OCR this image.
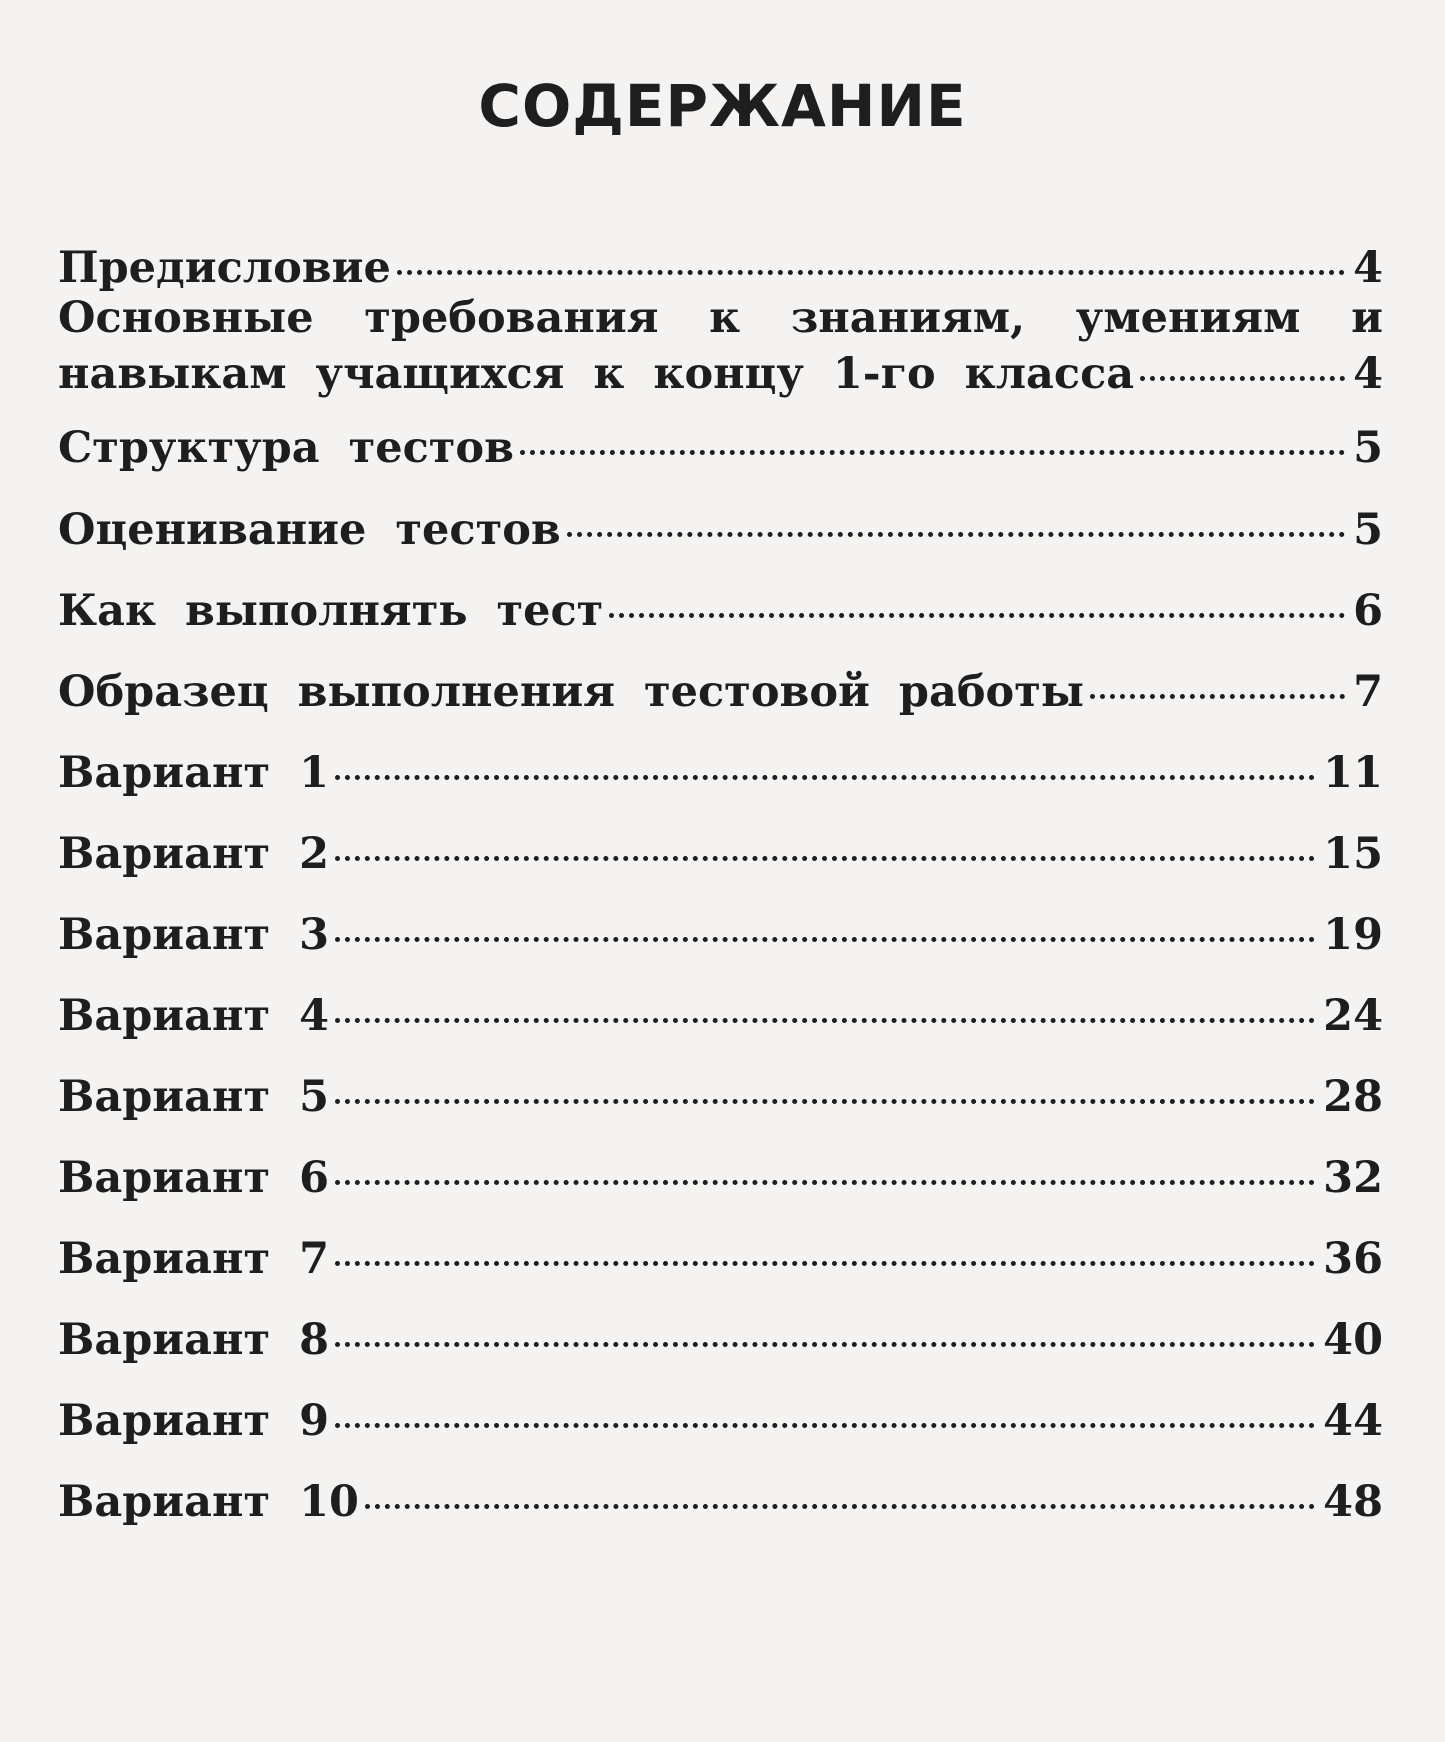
СОДЕРЖАНИЕ
Предисловие	4
Основные требования к знаниям, умениям и
навыкам учащихся к концу 1-го класса	4
Структура тестов	5
Оценивание тестов	5
Как выполнять тест	6
Образец выполнения тестовой работы	7
Вариант 1	11
Вариант 2	15
Вариант 3	19
Вариант 4	24
Вариант 5	28
Вариант 6	32
Вариант 7	36
Вариант 8	40
Вариант 9	44
Вариант 10	48
